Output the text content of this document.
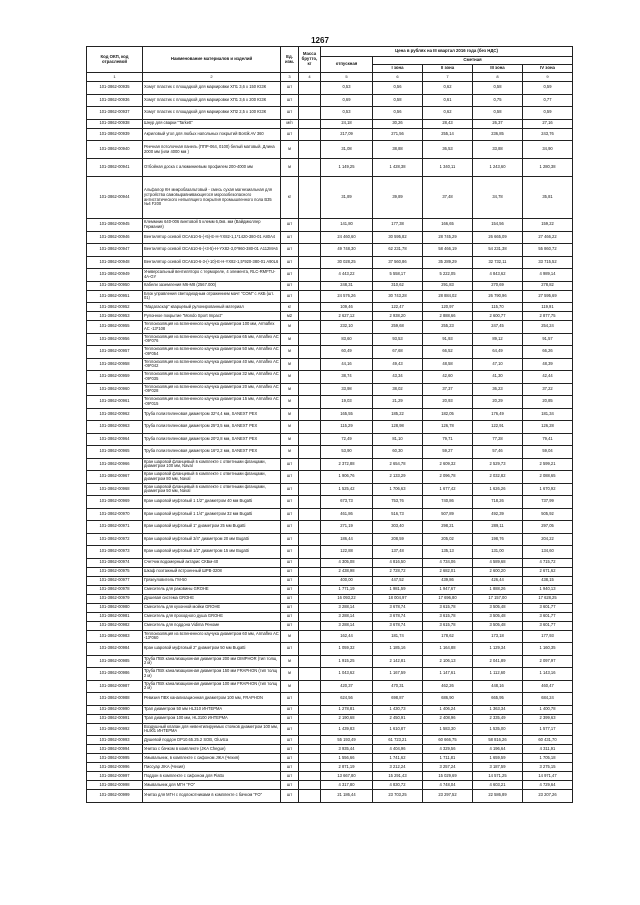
1267
Код ОКП, код отраслевой	Наименование материалов и изделий	Ед. изм.	Масса брутто, кг	Цена в рублях на III квартал 2016 года (без НДС)				
				отпускная	Сметная			
					I зона	II зона	III зона	IV зона
1	2	3	4	5	6	7	8	9
101-3862-00935	Хомут пластик с площадкой для маркировки ХП1 3,6 х 150 ЮЗК	шт		0,53	0,56	0,62	0,58	0,59
101-3862-00936	Хомут пластик с площадкой для маркировки ХП1 3,6 х 200 ЮЗК	шт		0,69	0,58	0,61	0,75	0,77
101-3862-00937	Хомут пластик с площадкой для маркировки ХП2 2,5 х 100 ЮЗК	шт		0,53	0,56	0,62	0,58	0,59
101-3862-00938	Шнур для сварки "Tarkett"	м/п		24,18	30,26	28,43	26,37	27,16
101-3862-00939	Акриловый угол для любых напольных покрытий Bostik AV 360	шт		217,09	271,56	255,14	236,85	243,76
101-3862-00940	Реечная потолочная панель (ППР-064, 0100) белый матовый. Длина 2000 мм (или 4000 мм )	м		31,08	38,88	36,53	33,88	34,90
101-3862-00941	Отбойная доска с алюминиевым профилем 200-4000 мм	м		1 149,25	1 428,38	1 340,11	1 243,60	1 280,38
101-3862-00944	Альфалор КН микробазальтовый - смесь сухая магнезиальная для устройства самовыравнивающегося морозобезопасного антистатического непылящего покрытия промышленного пола В35 №4 F200	кг		31,89	39,89	37,48	34,78	35,81
101-3862-00945	Клеммник 640-006 винтовой 5 клемм 6,0кв. мм (Вайдмюллер Германия)	шт		141,80	177,38	166,65	154,56	159,22
101-3862-00946	Вентилятор осевой ОСА610-5-(+5)-Е-Н-YX82-1,1*1420-380-01 А80А4	шт		24 460,60	30 595,82	28 745,29	26 665,09	27 466,22
101-3862-00947	Вентилятор осевой ОСА610-6-(+3-5)-Н-YX82-3,0*960-380-01 А112МА6	шт		49 748,30	62 231,78	58 466,19	54 231,38	55 860,72
101-3862-00948	Вентилятор осевой ОСА610-6-3-(+10)-Е-Н-YX82-1,5*920-380-01 А90L6	шт		30 028,25	37 560,86	35 289,29	32 732,11	33 715,52
101-3862-00949	Универсальный вентиляторо с термореле, 4 элемента, RLC-RMFTU-4A-GY	шт		4 443,22	5 558,17	5 222,05	4 843,62	4 989,14
101-3862-00950	Кабели заземления M6-M8 (2567.000)	шт		248,31	310,62	291,83	270,69	278,82
101-3862-00951	Блок управления светодиодным отражением мачт "СОМ" с АКБ (шт. 01)	шт		24 576,26	30 743,28	28 884,02	26 790,96	27 595,69
101-3862-00952	"Мадагаскар" кварцевый рулонированный материал	кг		109,46	122,47	120,97	115,70	119,91
101-3862-00953	Рулонное покрытие "Mondo Sport Impact"	м2		2 627,12	2 938,20	2 888,66	2 600,77	2 877,75
101-3862-00955	Теплоизоляция из вспененного каучука диаметром 100 мм, Armaflex AC -13*108	м		232,10	259,68	255,23	247,45	254,24
101-3862-00956	Теплоизоляция из вспененного каучука диаметром 65 мм, Armaflex AC -09*076	м		83,60	93,53	91,93	89,12	91,57
101-3862-00957	Теплоизоляция из вспененного каучука диаметром 50 мм, Armaflex AC -09*054	м		60,49	67,68	66,52	64,49	66,26
101-3862-00958	Теплоизоляция из вспененного каучука диаметром 40 мм, Armaflex AC -09*042	м		44,16	49,43	48,58	47,10	48,39
101-3862-00959	Теплоизоляция из вспененного каучука диаметром 32 мм, Armaflex AC -09*035	м		38,74	43,34	42,60	41,30	42,44
101-3862-00960	Теплоизоляция из вспененного каучука диаметром 20 мм, Armaflex AC -09*028	м		33,98	38,02	37,37	36,23	37,22
101-3862-00961	Теплоизоляция из вспененного каучука диаметром 15 мм, Armaflex AC -09*015	м		19,03	21,29	20,93	20,29	20,85
101-3862-00962	Труба полиэтиленовая диаметром 32*4,4 мм, SANEXT PEX	м		165,55	185,22	182,05	176,49	181,34
101-3862-00963	Труба полиэтиленовая диаметром 25*3,5 мм, SANEXT PEX	м		115,29	128,98	126,78	122,91	126,28
101-3862-00964	Труба полиэтиленовая диаметром 20*2,8 мм, SANEXT PEX	м		72,49	81,10	79,71	77,28	79,41
101-3862-00965	Труба полиэтиленовая диаметром 16*2,2 мм, SANEXT PEX	м		53,90	60,30	59,27	57,46	59,04
101-3862-00966	Кран шаровой фланцевый в комплекте с ответными фланцами, диаметром 100 мм, Naval	шт		2 372,88	2 654,78	2 609,32	2 529,73	2 599,21
101-3862-00967	Кран шаровой фланцевый в комплекте с ответными фланцами, диаметром 80 мм, Naval	шт		1 906,76	2 133,29	2 096,78	2 032,82	2 088,65
101-3862-00968	Кран шаровой фланцевый в комплекте с ответными фланцами, диаметром 50 мм, Naval	шт		1 525,42	1 706,63	1 677,42	1 626,26	1 670,92
101-3862-00969	Кран шаровой муфтовый 1 1/2" диаметром 40 мм Bugatti	шт		673,73	753,76	740,86	718,26	737,99
101-3862-00970	Кран шаровой муфтовый 1 1/4" диаметром 32 мм Bugatti	шт		461,86	516,73	507,89	492,39	505,92
101-3862-00971	Кран шаровой муфтовый 1" диаметром 25 мм Bugatti	шт		271,19	303,40	298,21	289,11	297,05
101-3862-00972	Кран шаровой муфтовый 3/4" диаметром 20 мм Bugatti	шт		186,44	208,59	205,02	198,76	204,22
101-3862-00973	Кран шаровой муфтовый 1/2" диаметром 15 мм Bugatti	шт		122,88	137,48	135,13	131,00	134,60
101-3862-00974	Счетчик водомерный актарис СКБм-40	шт		4 305,08	4 816,50	4 734,06	4 589,68	4 715,72
101-3862-00975	Шкаф поэтажный встроенный ШРВ-3208	шт		2 438,98	2 728,72	2 682,01	2 600,20	2 671,62
101-3862-00977	Грязеуловитель ГМ-50	шт		400,00	447,52	439,86	426,44	438,15
101-3862-00978	Смеситель для раковины GROHE	шт		1 771,19	1 981,59	1 947,67	1 888,26	1 940,13
101-3862-00979	Душевая система GROHE	шт		16 093,22	18 004,97	17 696,80	17 157,00	17 628,25
101-3862-00980	Смеситель для кухонной мойки GROHE	шт		3 288,14	3 678,74	3 615,78	3 505,48	3 601,77
101-3862-00981	Смеситель для проходного душа GROHE	шт		3 288,14	3 678,74	3 615,78	3 505,48	3 601,77
101-3862-00982	Смеситель для поддона Vidima Реноме	шт		3 288,14	3 678,74	3 615,78	3 505,48	3 601,77
101-3862-00983	Теплоизоляция из вспененного каучука диаметром 60 мм, Armaflex AC -13*060	м		162,44	181,74	178,62	173,18	177,93
101-3862-00984	Кран шаровой муфтовый 2" диаметром 50 мм Bugatti	шт		1 059,32	1 185,16	1 164,88	1 129,34	1 160,35
101-3862-00985	Труба ПВХ канализационная диаметром 200 мм DIMPHOR (тип толщ 2 м)	м		1 915,25	2 142,81	2 106,13	2 041,89	2 097,97
101-3862-00986	Труба ПВХ канализационная диаметром 150 мм FRAPHON (тип толщ 2 м)	м		1 043,62	1 167,59	1 147,61	1 112,60	1 143,16
101-3862-00987	Труба ПВХ канализационная диаметром 100 мм FRAPHON (тип толщ 2 м)	м		420,37	470,31	462,26	448,16	460,47
101-3862-00988	Ревизия ПВХ канализационная диаметром 100 мм, FRAPHON	шт		624,56	698,87	686,90	665,95	684,24
101-3862-00990	Трап диаметром 50 мм HL310 ИНТЕРМА	шт		1 278,81	1 430,73	1 406,24	1 363,34	1 400,78
101-3862-00991	Трап диаметром 100 мм, HL3100 ИНТЕРМА	шт		2 190,68	2 450,91	2 408,96	2 335,49	2 399,63
101-3862-00992	Воздушный клапан для невентилируемых стояков диаметром 100 мм, HL901 ИНТЕРМА	шт		1 439,83	1 610,87	1 583,30	1 535,00	1 577,17
101-3862-00993	Душевой поддон DP10.65.25.2 SOB, Gluvtca	шт		55 193,49	61 723,21	60 666,75	58 816,26	60 431,70
101-3862-00994	Унитаз с бачком в комплекте (JKA Chegue)	шт		3 935,44	4 404,96	4 329,56	4 196,64	4 311,91
101-3862-00995	Умывальник, в комплекте с сифоном JIKA (Чехия)	шт		1 556,66	1 741,62	1 711,81	1 659,59	1 705,18
101-3862-00996	Писсуар JIKA (Чехия)	шт		2 871,19	3 212,24	3 257,24	3 187,59	3 275,15
101-3862-00997	Поддон в комплекте с сифоном для Piatto	шт		13 667,80	15 291,43	15 029,69	14 571,25	14 971,47
101-3862-00998	Умывальник для МГН "FO"	шт		4 317,80	4 830,72	4 748,04	4 603,21	4 729,64
101-3862-00999	Унитаз для МГН с подлокотниками в комплекте с бачком "FO"	шт		21 186,44	23 703,25	23 297,52	22 586,89	23 207,26
